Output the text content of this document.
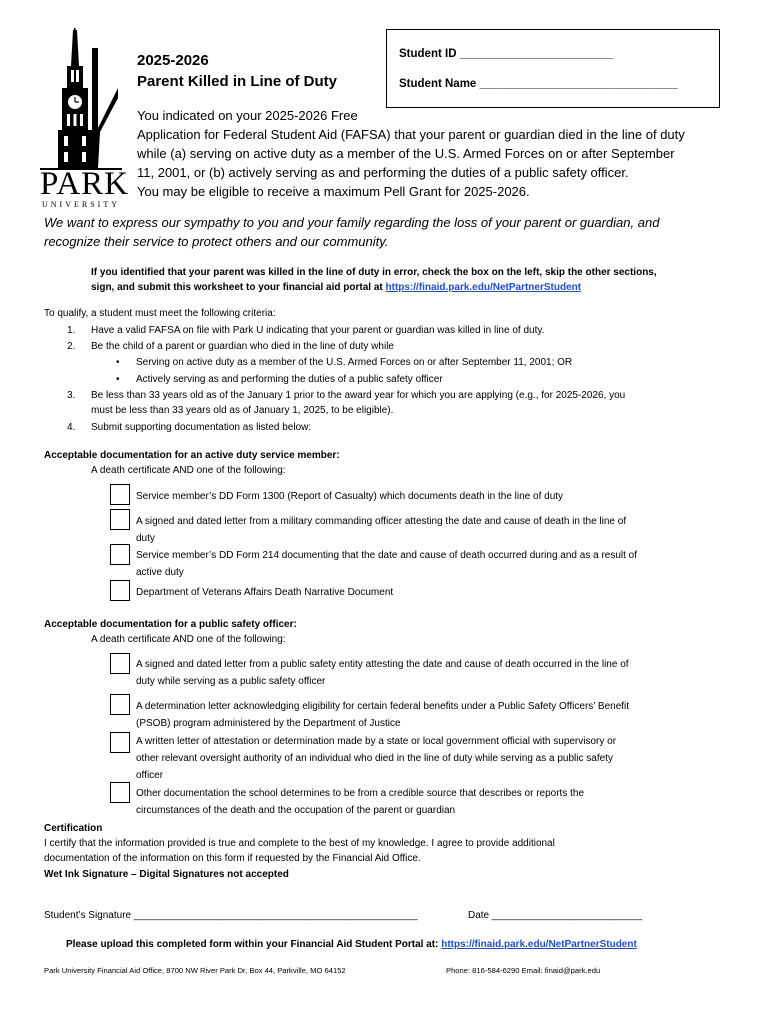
PARK
UNIVERSITY
2025-2026
Parent Killed in Line of Duty
Student ID ________________________
Student Name _______________________________
You indicated on your 2025-2026 Free
Application for Federal Student Aid (FAFSA) that your parent or guardian died in the line of duty
while (a) serving on active duty as a member of the U.S. Armed Forces on or after September
11, 2001, or (b) actively serving as and performing the duties of a public safety officer.
You may be eligible to receive a maximum Pell Grant for 2025-2026.
We want to express our sympathy to you and your family regarding the loss of your parent or guardian, and
recognize their service to protect others and our community.
If you identified that your parent was killed in the line of duty in error, check the box on the left, skip the other sections,
sign, and submit this worksheet to your financial aid portal at https://finaid.park.edu/NetPartnerStudent
To qualify, a student must meet the following criteria:
1. Have a valid FAFSA on file with Park U indicating that your parent or guardian was killed in line of duty.
2. Be the child of a parent or guardian who died in the line of duty while
• Serving on active duty as a member of the U.S. Armed Forces on or after September 11, 2001; OR
• Actively serving as and performing the duties of a public safety officer
3. Be less than 33 years old as of the January 1 prior to the award year for which you are applying (e.g., for 2025-2026, you
must be less than 33 years old as of January 1, 2025, to be eligible).
4. Submit supporting documentation as listed below:
Acceptable documentation for an active duty service member:
A death certificate AND one of the following:
Service member’s DD Form 1300 (Report of Casualty) which documents death in the line of duty
A signed and dated letter from a military commanding officer attesting the date and cause of death in the line of
duty
Service member’s DD Form 214 documenting that the date and cause of death occurred during and as a result of
active duty
Department of Veterans Affairs Death Narrative Document
Acceptable documentation for a public safety officer:
A death certificate AND one of the following:
A signed and dated letter from a public safety entity attesting the date and cause of death occurred in the line of
duty while serving as a public safety officer
A determination letter acknowledging eligibility for certain federal benefits under a Public Safety Officers’ Benefit
(PSOB) program administered by the Department of Justice
A written letter of attestation or determination made by a state or local government official with supervisory or
other relevant oversight authority of an individual who died in the line of duty while serving as a public safety
officer
Other documentation the school determines to be from a credible source that describes or reports the
circumstances of the death and the occupation of the parent or guardian
Certification
I certify that the information provided is true and complete to the best of my knowledge. I agree to provide additional
documentation of the information on this form if requested by the Financial Aid Office.
Wet Ink Signature – Digital Signatures not accepted
Student’s Signature ___________________________________________________	Date ___________________________
Please upload this completed form within your Financial Aid Student Portal at: https://finaid.park.edu/NetPartnerStudent
Park University Financial Aid Office, 8700 NW River Park Dr, Box 44, Parkville, MO 64152	Phone: 816-584-6290 Email: finaid@park.edu
